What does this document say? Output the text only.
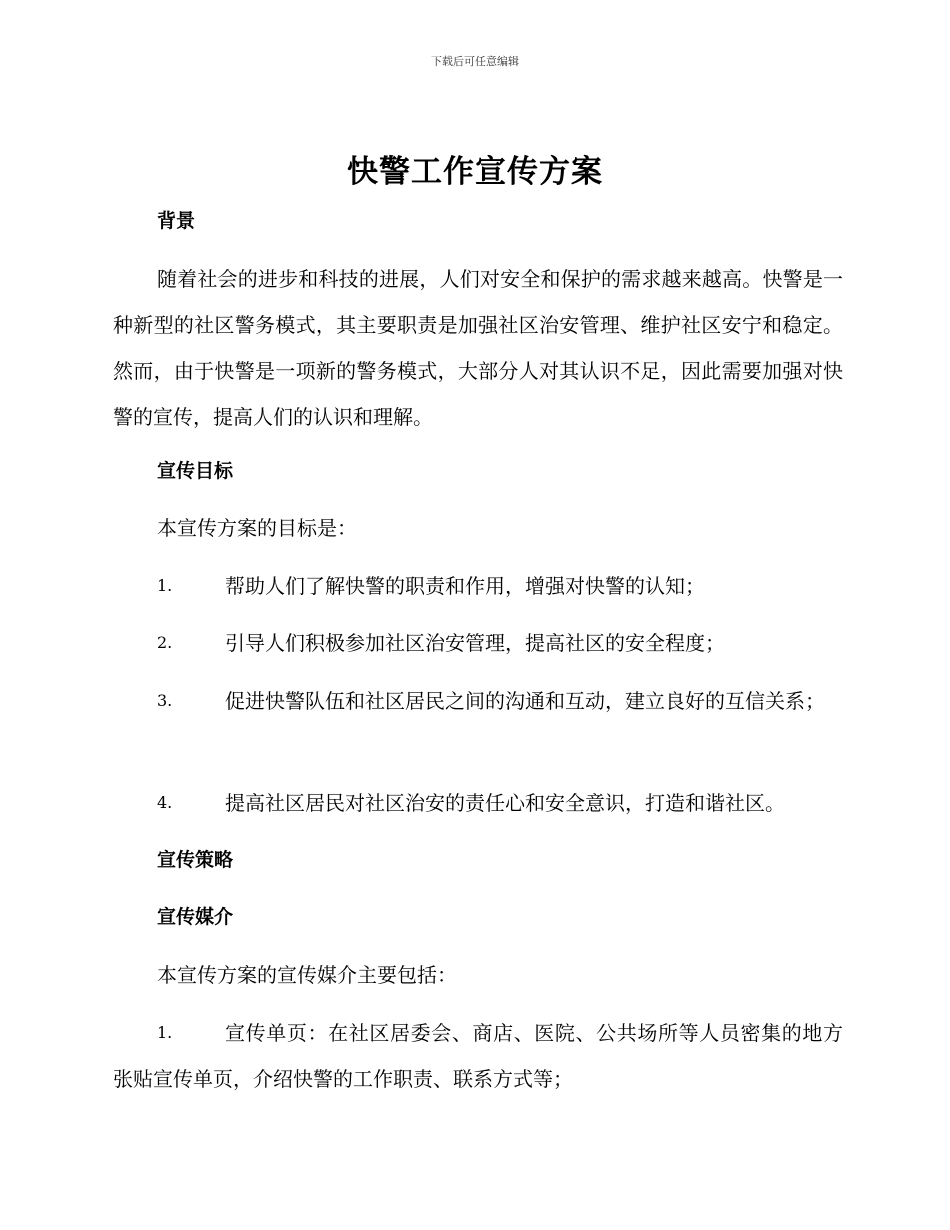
下载后可任意编辑
快警工作宣传方案
背景

随着社会的进步和科技的进展，人们对安全和保护的需求越来越高。快警是一种新型的社区警务模式，其主要职责是加强社区治安管理、维护社区安宁和稳定。然而，由于快警是一项新的警务模式，大部分人对其认识不足，因此需要加强对快警的宣传，提高人们的认识和理解。

宣传目标

本宣传方案的目标是：

1.	帮助人们了解快警的职责和作用，增强对快警的认知；

2.	引导人们积极参加社区治安管理，提高社区的安全程度；

3.	促进快警队伍和社区居民之间的沟通和互动，建立良好的互信关系；

4.	提高社区居民对社区治安的责任心和安全意识，打造和谐社区。

宣传策略
宣传媒介

本宣传方案的宣传媒介主要包括：

1.	宣传单页：在社区居委会、商店、医院、公共场所等人员密集的地方张贴宣传单页，介绍快警的工作职责、联系方式等；
